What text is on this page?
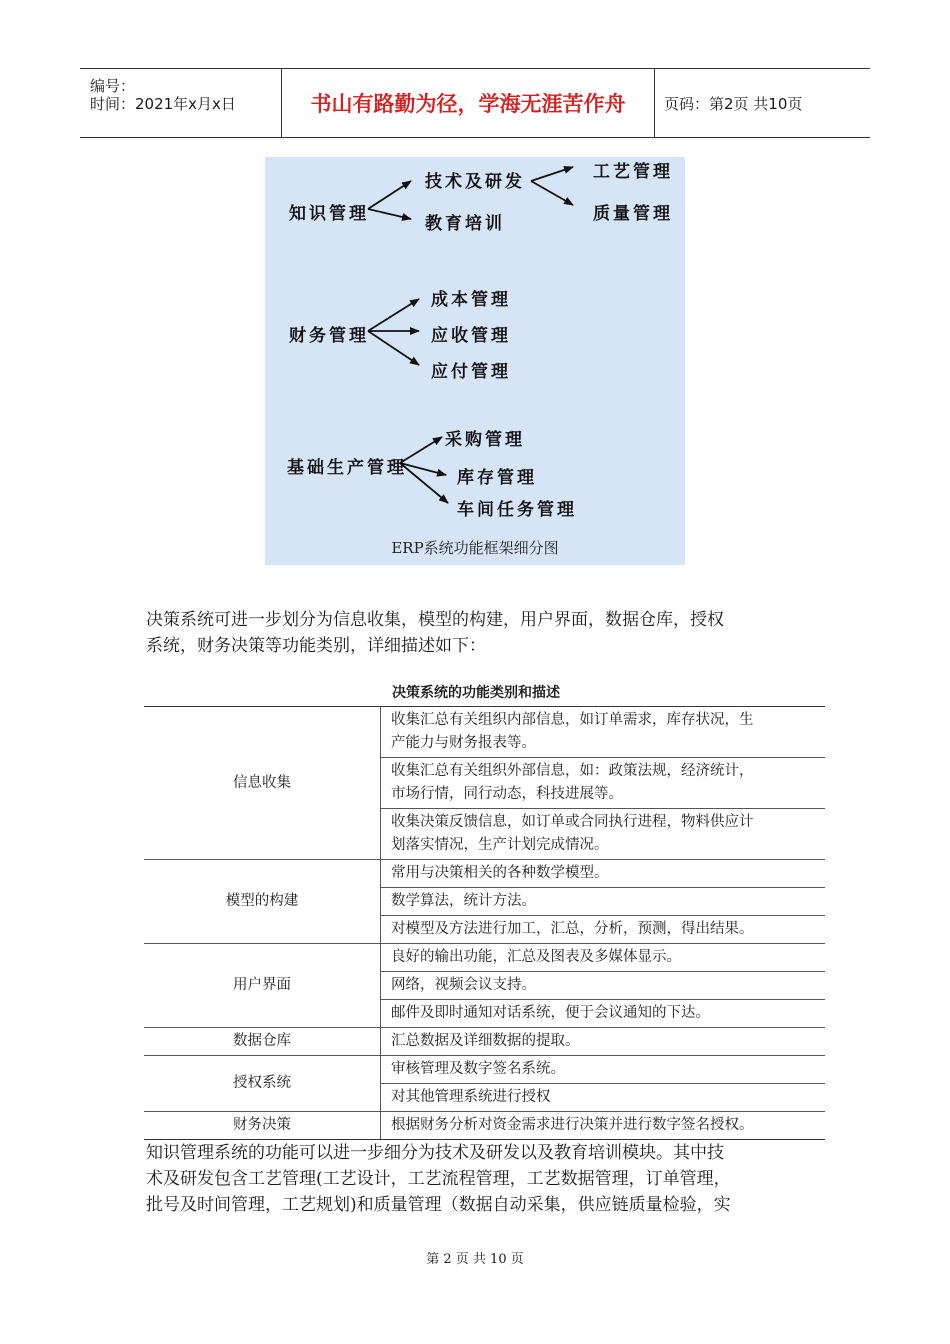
编号：
时间：2021年x月x日	书山有路勤为径，学海无涯苦作舟	页码：第2页 共10页
知识管理
技术及研发
教育培训
工艺管理
质量管理
财务管理
成本管理
应收管理
应付管理
基础生产管理
采购管理
库存管理
车间任务管理
ERP系统功能框架细分图
决策系统可进一步划分为信息收集，模型的构建，用户界面，数据仓库，授权
系统，财务决策等功能类别，详细描述如下：
决策系统的功能类别和描述
信息收集	收集汇总有关组织内部信息，如订单需求，库存状况，生
产能力与财务报表等。

	收集汇总有关组织外部信息，如：政策法规，经济统计，
市场行情，同行动态，科技进展等。

	收集决策反馈信息，如订单或合同执行进程，物料供应计
划落实情况，生产计划完成情况。

模型的构建	常用与决策相关的各种数学模型。

	数学算法，统计方法。

	对模型及方法进行加工，汇总，分析，预测，得出结果。

用户界面	良好的输出功能，汇总及图表及多媒体显示。

	网络，视频会议支持。

	邮件及即时通知对话系统，便于会议通知的下达。

数据仓库	汇总数据及详细数据的提取。

授权系统	审核管理及数字签名系统。

	对其他管理系统进行授权

财务决策	根据财务分析对资金需求进行决策并进行数字签名授权。
知识管理系统的功能可以进一步细分为技术及研发以及教育培训模块。其中技
术及研发包含工艺管理(工艺设计，工艺流程管理，工艺数据管理，订单管理，
批号及时间管理，工艺规划)和质量管理（数据自动采集，供应链质量检验，实
第 2 页 共 10 页
